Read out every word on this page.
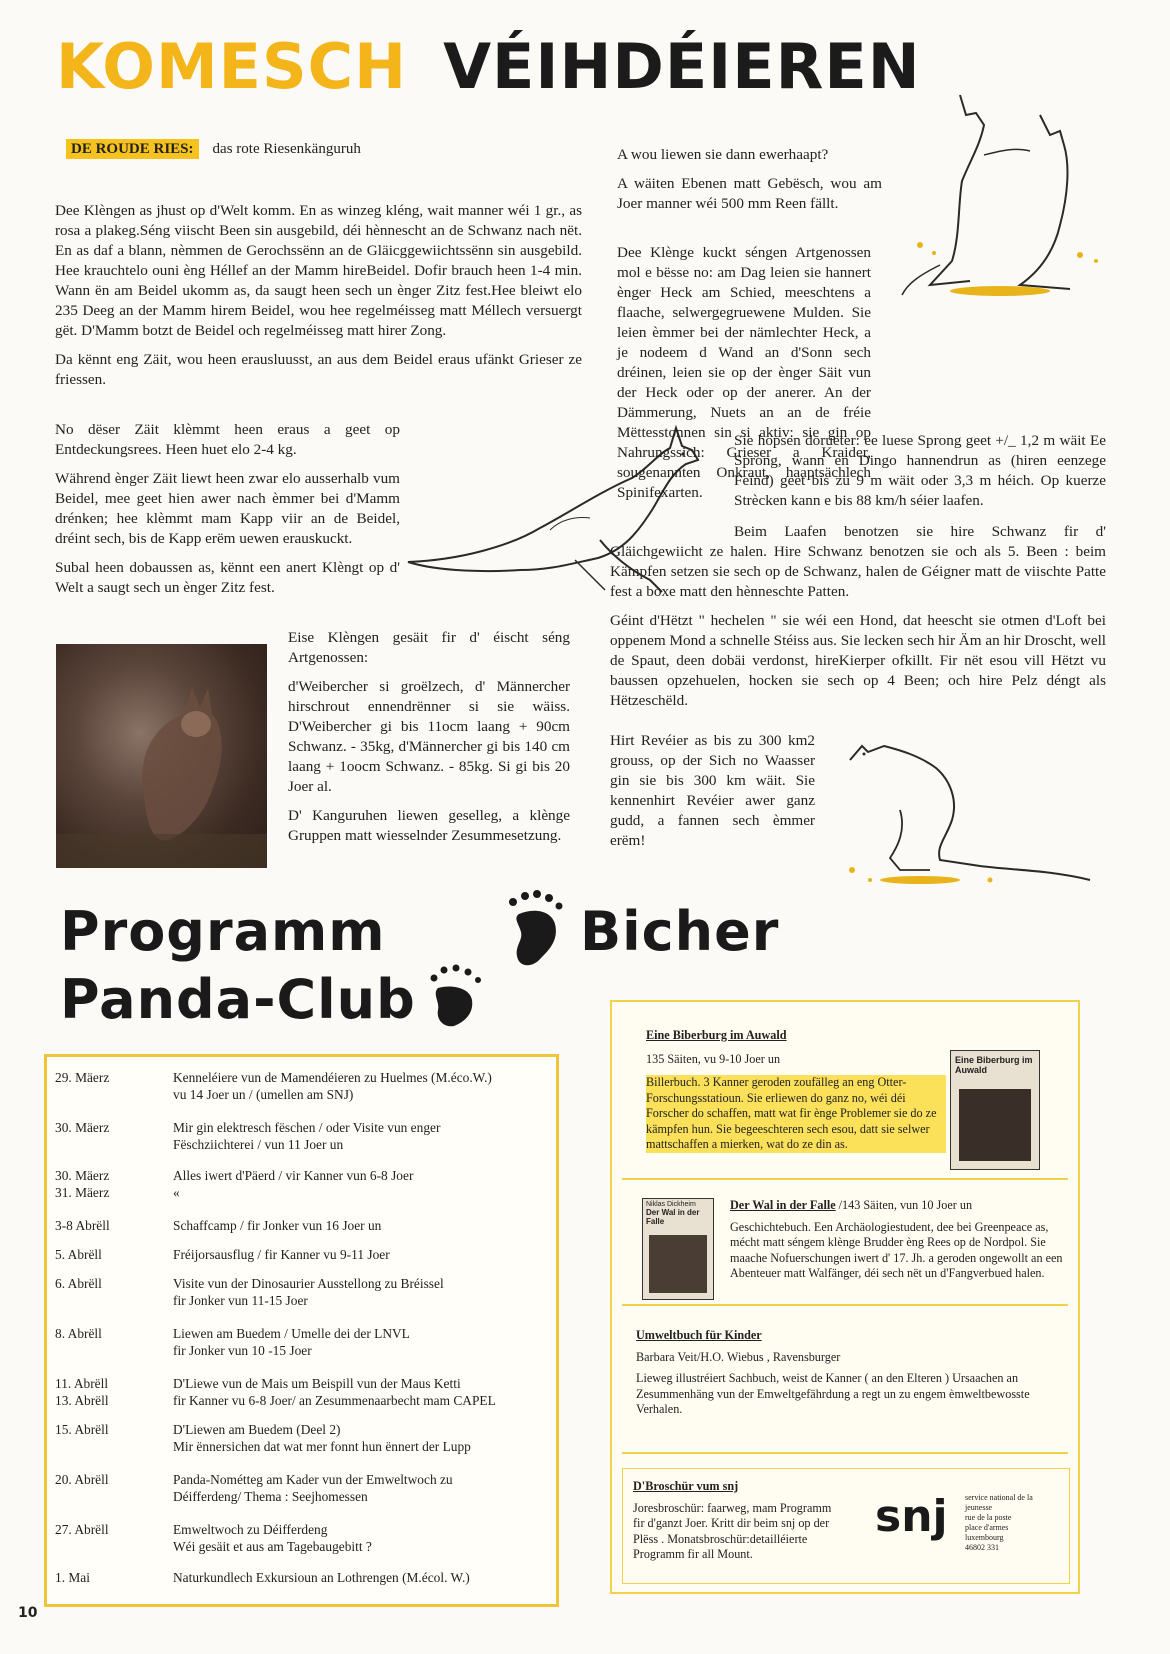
KOMESCH VÉIHDÉIEREN
DE ROUDE RIES: das rote Riesenkänguruh

Dee Klèngen as jhust op d'Welt komm. En as winzeg kléng, wait manner wéi 1 gr., as rosa a plakeg.Séng viischt Been sin ausgebild, déi hènnescht an de Schwanz nach nët. En as daf a blann, nèmmen de Gerochssënn an de Gläicggewiichtssënn sin ausgebild. Hee krauchtelo ouni èng Héllef an der Mamm hireBeidel. Dofir brauch heen 1-4 min. Wann ën am Beidel ukomm as, da saugt heen sech un ènger Zitz fest.Hee bleiwt elo 235 Deeg an der Mamm hirem Beidel, wou hee regelméisseg matt Méllech versuergt gët. D'Mamm botzt de Beidel och regelméisseg matt hirer Zong.

Da kënnt eng Zäit, wou heen erausluusst, an aus dem Beidel eraus ufänkt Grieser ze friessen.

No dëser Zäit klèmmt heen eraus a geet op Entdeckungsrees. Heen huet elo 2-4 kg.

Während ènger Zäit liewt heen zwar elo ausserhalb vum Beidel, mee geet hien awer nach èmmer bei d'Mamm drénken; hee klèmmt mam Kapp viir an de Beidel, dréint sech, bis de Kapp erëm uewen erauskuckt.

Subal heen dobaussen as, kënnt een anert Klèngt op d' Welt a saugt sech un ènger Zitz fest.

Eise Klèngen gesäit fir d' éischt séng Artgenossen:

d'Weibercher si groëlzech, d' Männercher hirschrout ennendrënner si sie wäiss. D'Weibercher gi bis 11ocm laang + 90cm Schwanz. - 35kg, d'Männercher gi bis 140 cm laang + 1oocm Schwanz. - 85kg. Si gi bis 20 Joer al.

D' Kanguruhen liewen geselleg, a klènge Gruppen matt wiesselnder Zesummesetzung.

A wou liewen sie dann ewerhaapt?

A wäiten Ebenen matt Gebësch, wou am Joer manner wéi 500 mm Reen fällt.

Dee Klènge kuckt séngen Artgenossen mol e bësse no: am Dag leien sie hannert ènger Heck am Schied, meeschtens a flaache, selwergegruewene Mulden. Sie leien èmmer bei der nämlechter Heck, a je nodeem d Wand an d'Sonn sech dréinen, leien sie op der ènger Säit vun der Heck oder op der anerer. An der Dämmerung, Nuets an an de fréie Mëttesstonnen sin si aktiv: sie gin op Nahrungssich: Grieser a Kraider, sougenannten Onkraut, haaptsächlech Spinifexarten.

Sie hopsen dorueter: ee luese Sprong geet +/_ 1,2 m wäit Ee Sprong, wann en Dingo hannendrun as (hiren eenzege Feind) geet bis zu 9 m wäit oder 3,3 m héich. Op kuerze Strècken kann e bis 88 km/h séier laafen.

Beim Laafen benotzen sie hire Schwanz fir d' Gläichgewiicht ze halen. Hire Schwanz benotzen sie och als 5. Been : beim Kämpfen setzen sie sech op de Schwanz, halen de Géigner matt de viischte Patte fest a boxe matt den hènneschte Patten.

Géint d'Hëtzt " hechelen " sie wéi een Hond, dat heescht sie otmen d'Loft bei oppenem Mond a schnelle Stéiss aus. Sie lecken sech hir Äm an hir Droscht, well de Spaut, deen dobäi verdonst, hireKierper ofkillt. Fir nët esou vill Hëtzt vu baussen opzehuelen, hocken sie sech op 4 Been; och hire Pelz déngt als Hëtzeschëld.

Hirt Revéier as bis zu 300 km2 grouss, op der Sich no Waasser gin sie bis 300 km wäit. Sie kennenhirt Revéier awer ganz gudd, a fannen sech èmmer erëm!

Programm
Panda-Club
Bicher
29. Mäerz	Kenneléiere vun de Mamendéieren zu Huelmes (M.éco.W.)
vu 14 Joer un / (umellen am SNJ)
30. Mäerz	Mir gin elektresch fëschen / oder Visite vun enger
Fëschziichterei / vun 11 Joer un
30. Mäerz
31. Mäerz	Alles iwert d'Päerd / vir Kanner vun 6-8 Joer
«
3-8 Abrëll	Schaffcamp / fir Jonker vun 16 Joer un
5. Abrëll	Fréijorsausflug / fir Kanner vu 9-11 Joer
6. Abrëll	Visite vun der Dinosaurier Ausstellong zu Bréissel
fir Jonker vun 11-15 Joer
8. Abrëll	Liewen am Buedem / Umelle dei der LNVL
fir Jonker vun 10 -15 Joer
11. Abrëll
13. Abrëll	D'Liewe vun de Mais um Beispill vun der Maus Ketti
fir Kanner vu 6-8 Joer/ an Zesummenaarbecht mam CAPEL
15. Abrëll	D'Liewen am Buedem (Deel 2)
Mir ënnersichen dat wat mer fonnt hun ënnert der Lupp
20. Abrëll	Panda-Nométteg am Kader vun der Emweltwoch zu
Déifferdeng/ Thema : Seejhomessen
27. Abrëll	Emweltwoch zu Déifferdeng
Wéi gesäit et aus am Tagebaugebitt ?
1. Mai	Naturkundlech Exkursioun an Lothrengen (M.écol. W.)
Eine Biberburg im Auwald
135 Säiten, vu 9-10 Joer un
Billerbuch. 3 Kanner geroden zoufälleg an eng Otter- Forschungsstatioun. Sie erliewen do ganz no, wéi déi Forscher do schaffen, matt wat fir ènge Problemer sie do ze kämpfen hun. Sie begeeschteren sech esou, datt sie selwer mattschaffen a mierken, wat do ze din as.
Eine Biberburg im Auwald
Niklas Dickheim
Der Wal in der Falle
Der Wal in der Falle /143 Säiten, vun 10 Joer un
Geschichtebuch. Een Archäologiestudent, dee bei Greenpeace as, mécht matt séngem klènge Brudder èng Rees op de Nordpol. Sie maache Nofuerschungen iwert d' 17. Jh. a geroden ongewollt an een Abenteuer matt Walfänger, déi sech nët un d'Fangverbued halen.
Umweltbuch für Kinder
Barbara Veit/H.O. Wiebus , Ravensburger
Lieweg illustréiert Sachbuch, weist de Kanner ( an den Elteren ) Ursaachen an Zesummenhäng vun der Emweltgefährdung a regt un zu engem èmweltbewosste Verhalen.
D'Broschür vum snj
Joresbroschür: faarweg, mam Programm fir d'ganzt Joer. Kritt dir beim snj op der Plëss . Monatsbroschür:detailléierte Programm fir all Mount.
snj service national de la jeunesse
rue de la poste
place d'armes
luxembourg
46802 331
10
